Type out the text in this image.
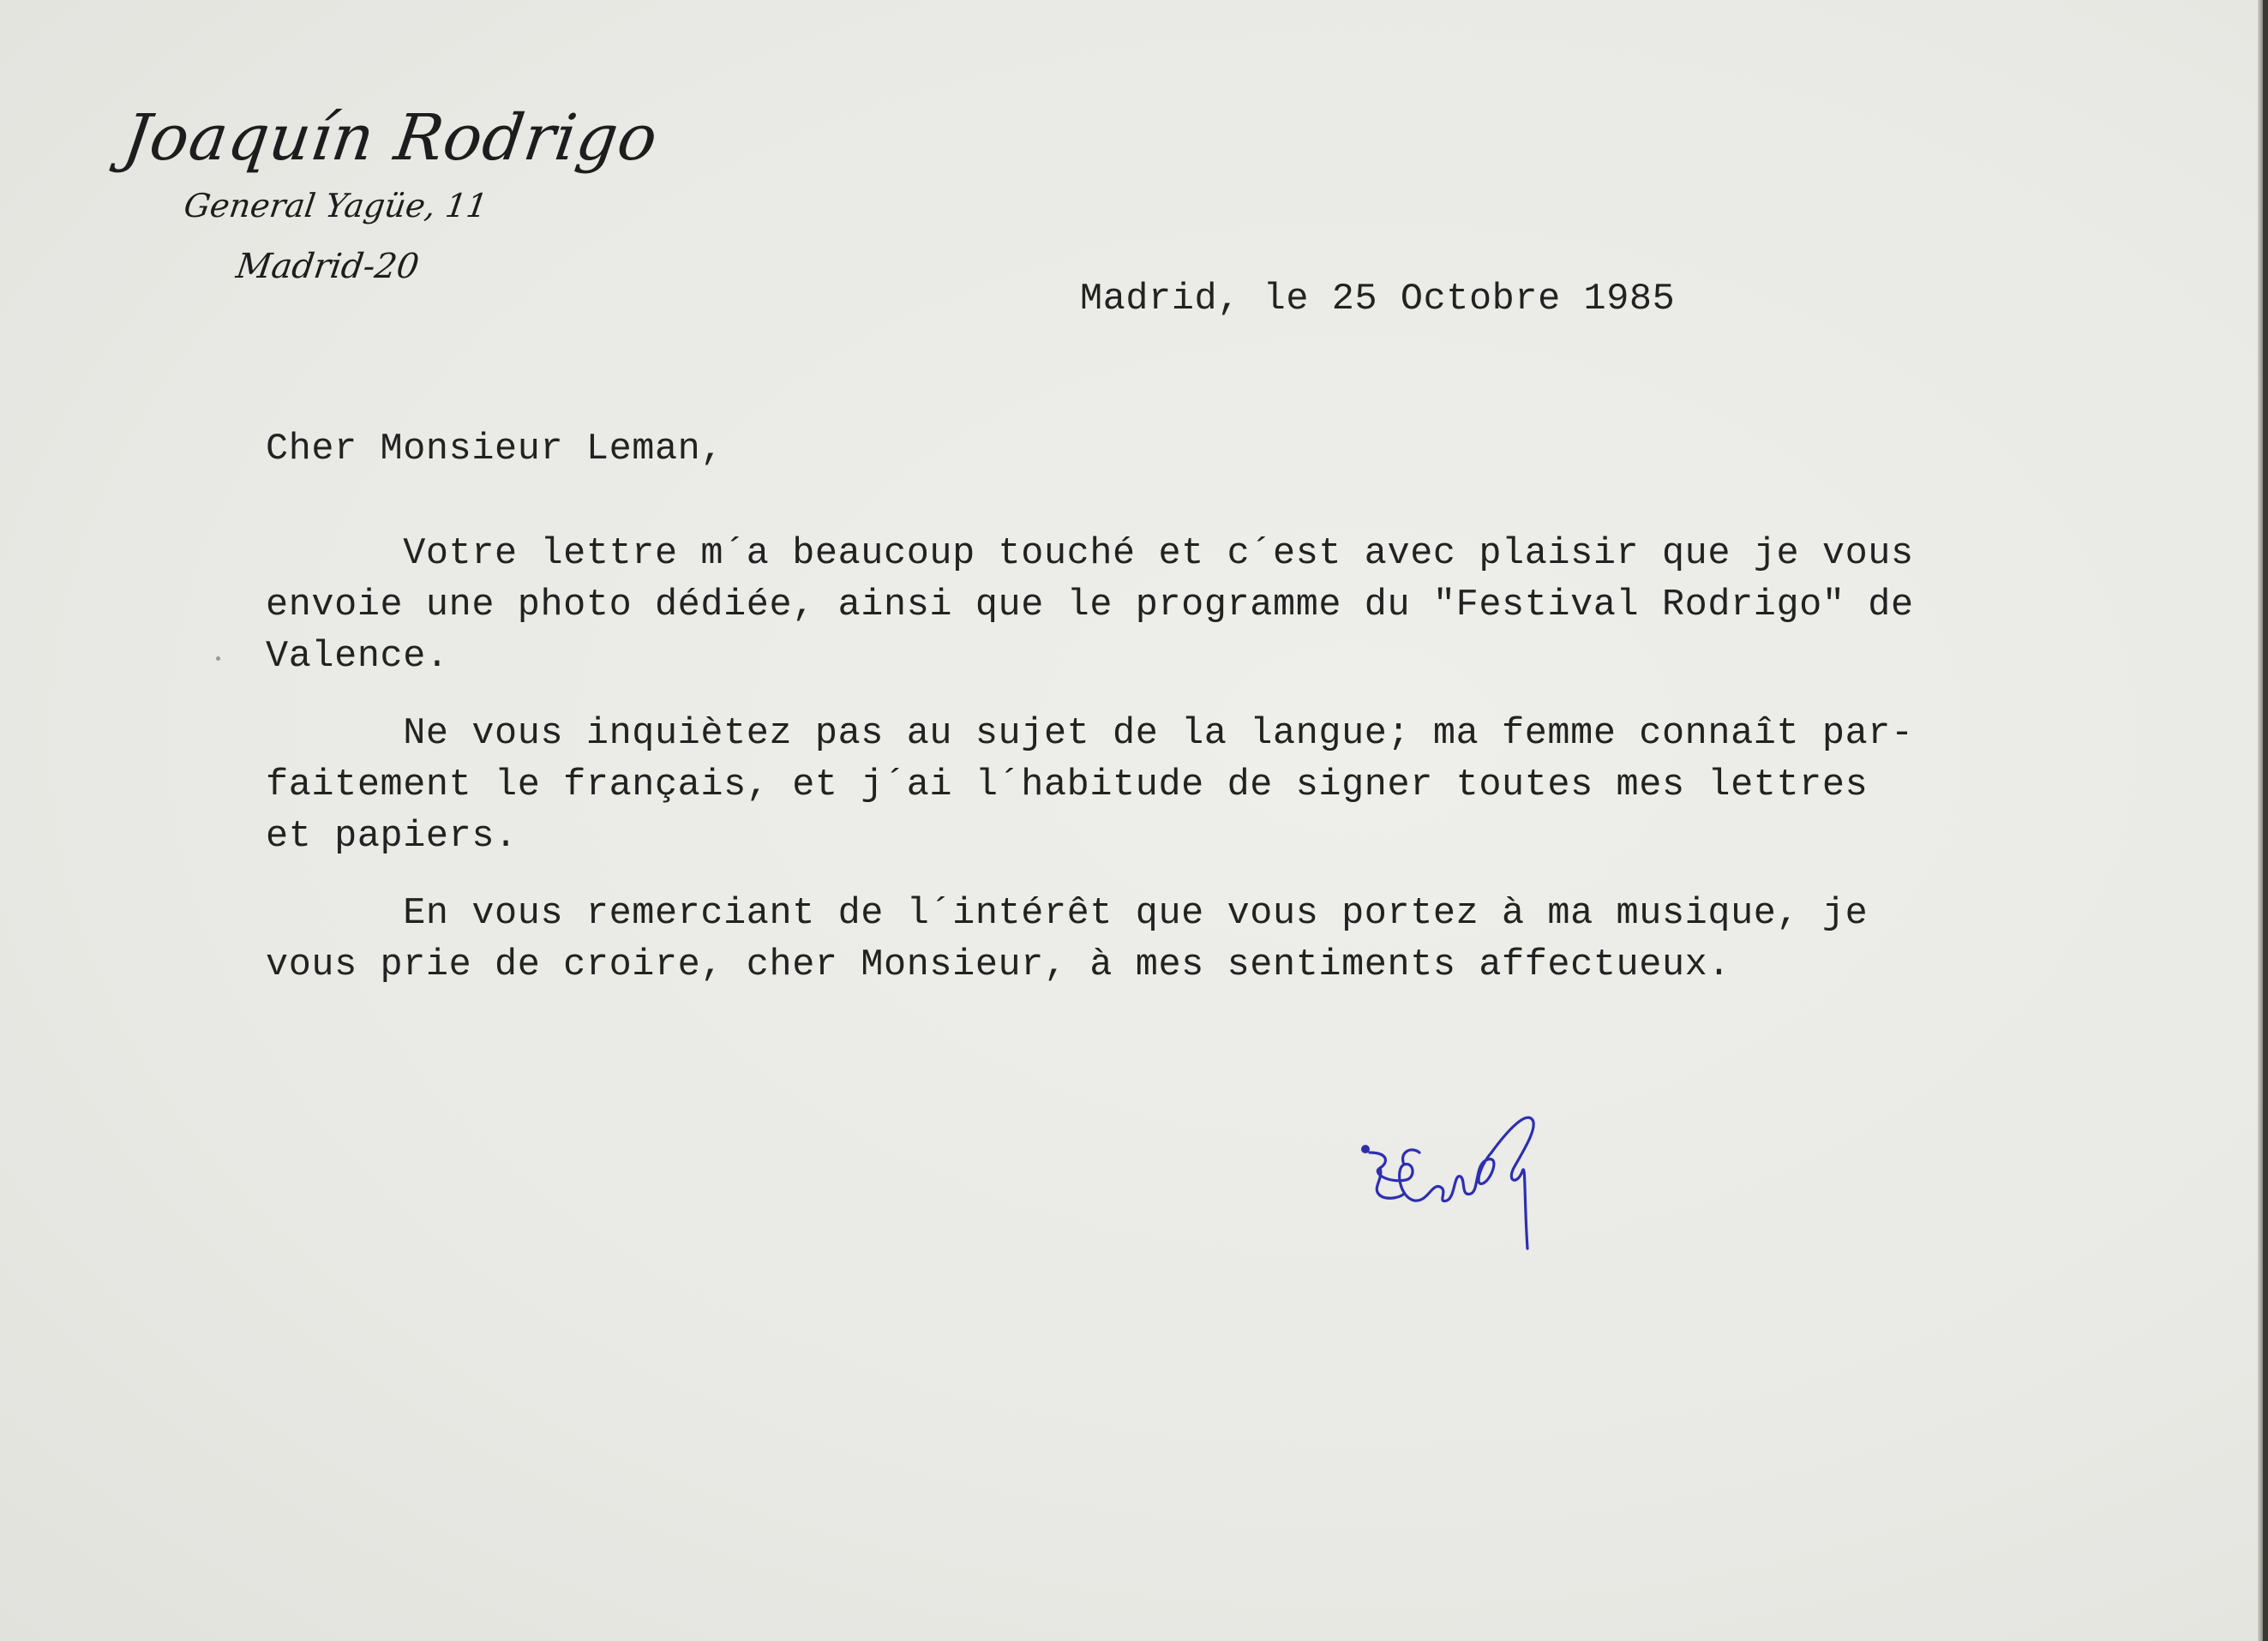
Joaquín Rodrigo
General Yagüe, 11
Madrid-20
Madrid, le 25 Octobre 1985
Cher Monsieur Leman,
Votre lettre m´a beaucoup touché et c´est avec plaisir que je vous
envoie une photo dédiée, ainsi que le programme du "Festival Rodrigo" de
Valence.
Ne vous inquiètez pas au sujet de la langue; ma femme connaît par-
faitement le français, et j´ai l´habitude de signer toutes mes lettres
et papiers.
En vous remerciant de l´intérêt que vous portez à ma musique, je
vous prie de croire, cher Monsieur, à mes sentiments affectueux.
